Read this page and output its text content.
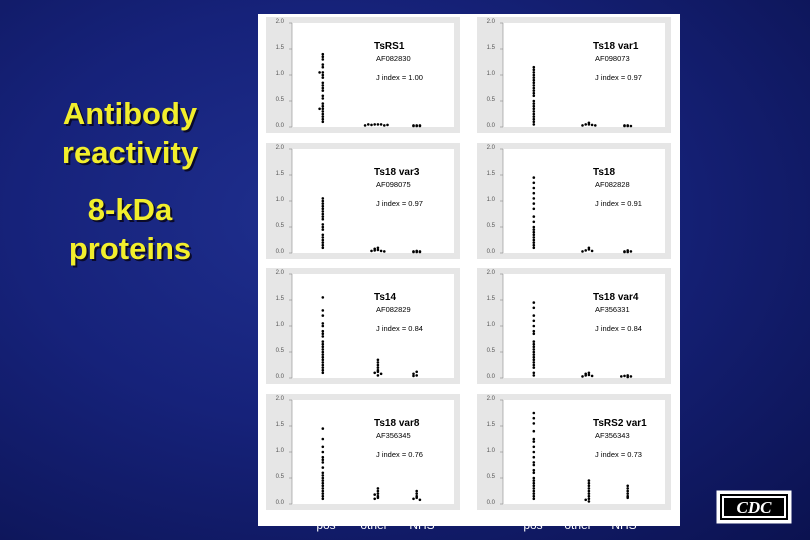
Antibody
reactivity
8-kDa
proteins
0.0
0.5
1.0
1.5
2.0
TsRS1
AF082830
J index = 1.00
0.0
0.5
1.0
1.5
2.0
Ts18 var1
AF098073
J index = 0.97
0.0
0.5
1.0
1.5
2.0
Ts18 var3
AF098075
J index = 0.97
0.0
0.5
1.0
1.5
2.0
Ts18
AF082828
J index = 0.91
0.0
0.5
1.0
1.5
2.0
Ts14
AF082829
J index = 0.84
0.0
0.5
1.0
1.5
2.0
Ts18 var4
AF356331
J index = 0.84
0.0
0.5
1.0
1.5
2.0
Ts18 var8
AF356345
J index = 0.76
0.0
0.5
1.0
1.5
2.0
TsRS2 var1
AF356343
J index = 0.73
pos	other	NHS	pos	other	NHS
CDC
